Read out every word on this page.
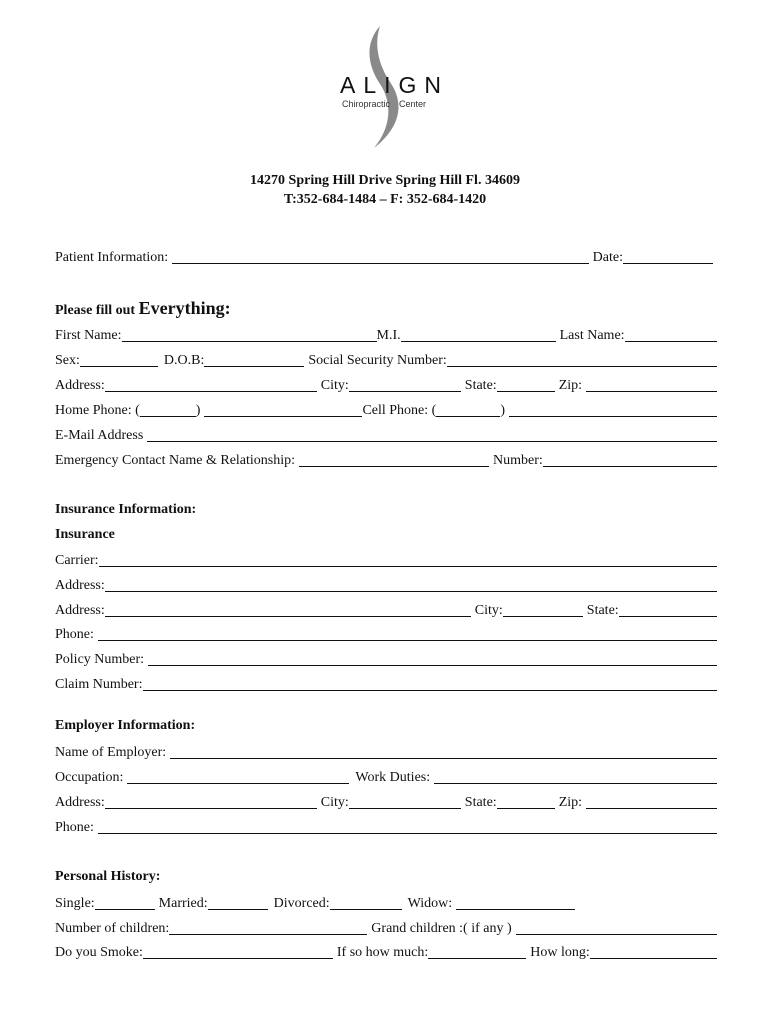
ALIGN
Chiropractic Center
14270 Spring Hill Drive Spring Hill Fl. 34609
T:352-684-1484 – F: 352-684-1420
Patient Information:	Date:
Please fill out Everything:
First Name:	M.I.	Last Name:
Sex:	D.O.B:	Social Security Number:
Address:	City:	State:	Zip:
Home Phone: (	)	Cell Phone: (	)
E-Mail Address
Emergency Contact Name & Relationship:	Number:
Insurance Information:
Insurance
Carrier:
Address:
Address:	City:	State:
Phone:
Policy Number:
Claim Number:
Employer Information:
Name of Employer:
Occupation:	Work Duties:
Address:	City:	State:	Zip:
Phone:
Personal History:
Single:	Married:	Divorced:	Widow:
Number of children:	Grand children :( if any )
Do you Smoke:	If so how much:	How long:
